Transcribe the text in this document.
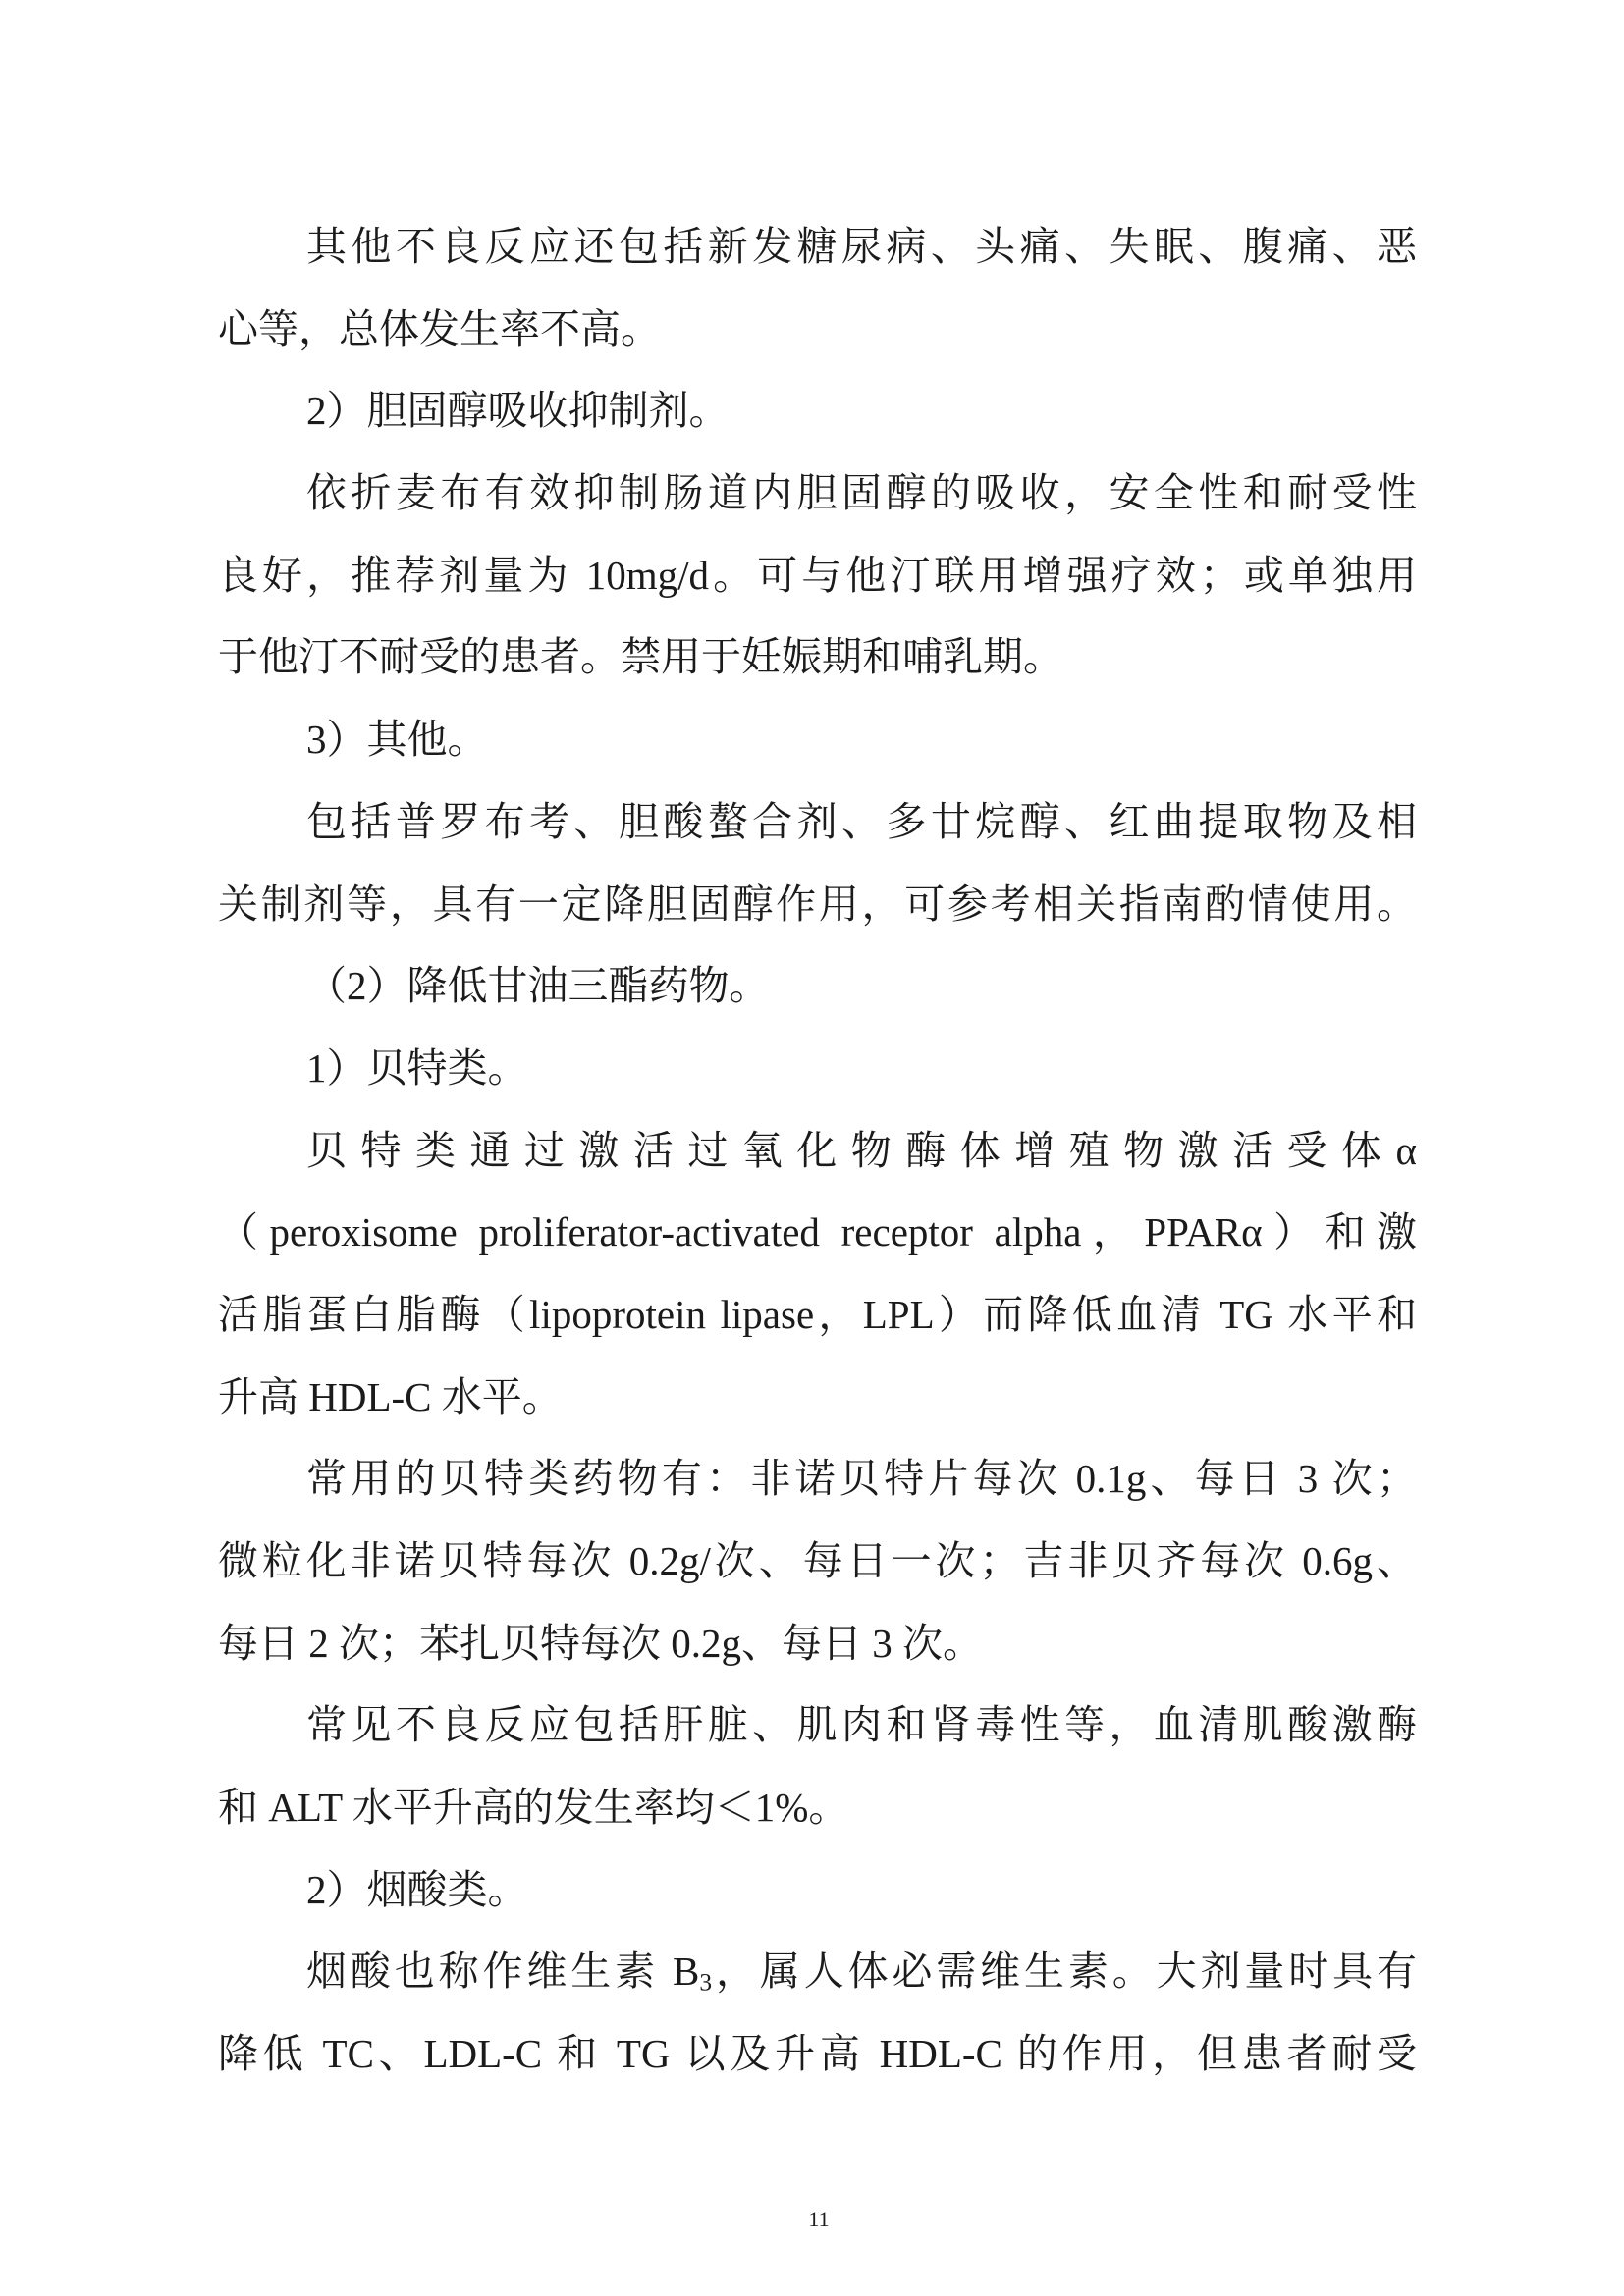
其他不良反应还包括新发糖尿病、头痛、失眠、腹痛、恶
心等，总体发生率不高。
2）胆固醇吸收抑制剂。
依折麦布有效抑制肠道内胆固醇的吸收，安全性和耐受性
良好，推荐剂量为 10mg/d。可与他汀联用增强疗效；或单独用
于他汀不耐受的患者。禁用于妊娠期和哺乳期。
3）其他。
包括普罗布考、胆酸螯合剂、多廿烷醇、红曲提取物及相
关制剂等，具有一定降胆固醇作用，可参考相关指南酌情使用。
（2）降低甘油三酯药物。
1）贝特类。
贝特类通过激活过氧化物酶体增殖物激活受体α
（peroxisome proliferator-activated receptor alpha，PPARα）和激
活脂蛋白脂酶（lipoprotein lipase，LPL）而降低血清 TG 水平和
升高 HDL-C 水平。
常用的贝特类药物有：非诺贝特片每次 0.1g、每日 3 次；
微粒化非诺贝特每次 0.2g/次、每日一次；吉非贝齐每次 0.6g、
每日 2 次；苯扎贝特每次 0.2g、每日 3 次。
常见不良反应包括肝脏、肌肉和肾毒性等，血清肌酸激酶
和 ALT 水平升高的发生率均＜1%。
2）烟酸类。
烟酸也称作维生素 $B_3$，属人体必需维生素。大剂量时具有
降低 TC、LDL-C 和 TG 以及升高 HDL-C 的作用，但患者耐受
11
